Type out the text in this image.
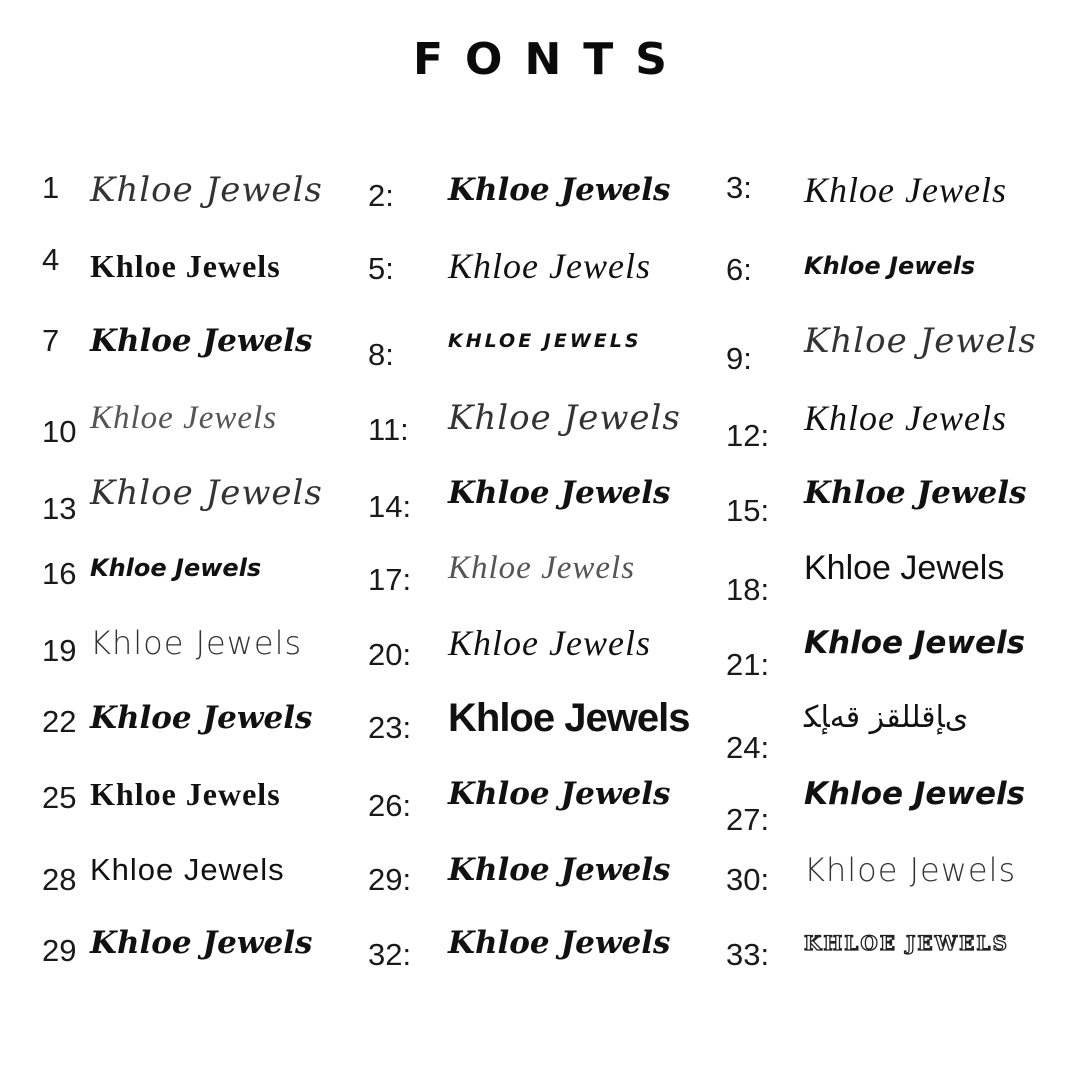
FONTS
1 Khloe Jewels 2: Khloe Jewels 3: Khloe Jewels
4 Khloe Jewels	5: Khloe Jewels 6: Khloe Jewels
7 Khloe Jewels 8:	KHLOE JEWELS	9: Khloe Jewels
10 Khloe Jewels	11: Khloe Jewels 12: Khloe Jewels
13 Khloe Jewels 14: Khloe Jewels 15: Khloe Jewels
16 Khloe Jewels	17: Khloe Jewels
18:
Khloe Jewels
19 Khloe Jewels 20: Khloe Jewels
21:
Khloe Jewels
22 Khloe Jewels 23: Khloe Jewels
24:
ﻯﺈﻗﻠﻠﻘﺰ ﻗﻪﺈﻜ
25 Khloe Jewels	26: Khloe Jewels
27:
Khloe Jewels
28 Khloe Jewels	29: Khloe Jewels 30: Khloe Jewels
29 Khloe Jewels 32: Khloe Jewels 33: KHLOE JEWELS
